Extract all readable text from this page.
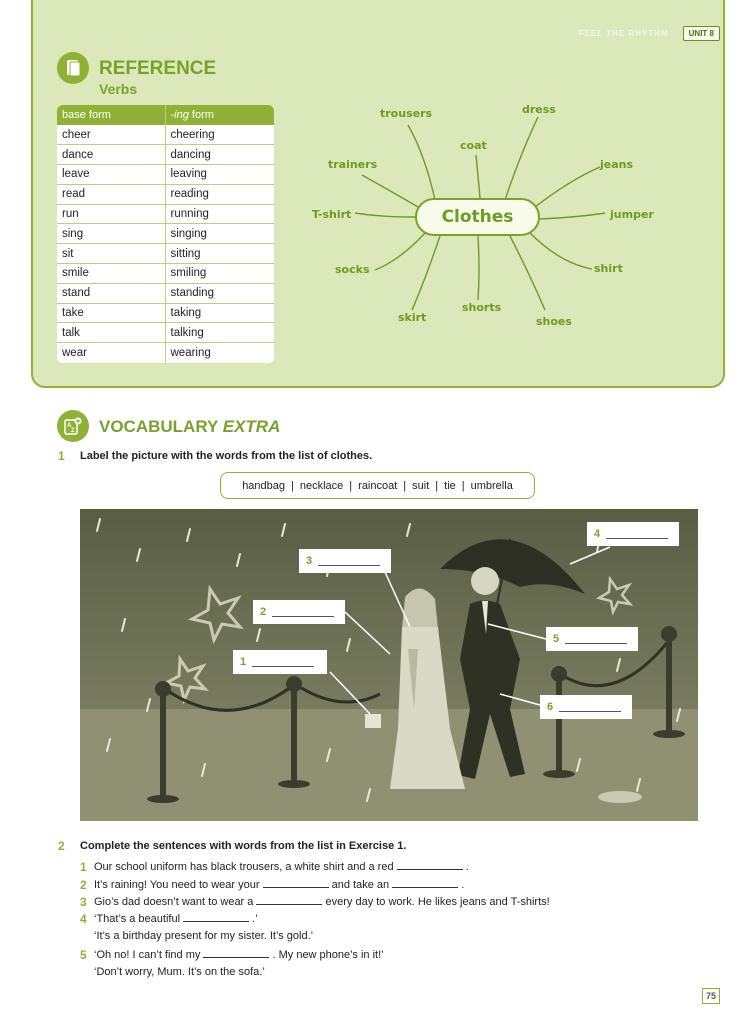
FEEL THE RHYTHM	UNIT 8
REFERENCE
Verbs
base form	-ing form
cheer	cheering
dance	dancing
leave	leaving
read	reading
run	running
sing	singing
sit	sitting
smile	smiling
stand	standing
take	taking
talk	talking
wear	wearing
trousers	dress
coat
trainers	jeans
T-shirt	jumper
socks	shirt
shorts
skirt	shoes
Clothes
A
Z VOCABULARY EXTRA
1 Label the picture with the words from the list of clothes.
handbag | necklace | raincoat | suit | tie | umbrella
1
2
3
4
5
6
2 Complete the sentences with words from the list in Exercise 1.
1 Our school uniform has black trousers, a white shirt and a red	.
2 It’s raining! You need to wear your	and take an	.
3 Gio’s dad doesn’t want to wear a	every day to work. He likes jeans and T-shirts!
4 ‘That’s a beautiful	.’
‘It’s a birthday present for my sister. It’s gold.’
5 ‘Oh no! I can’t find my	. My new phone’s in it!’
‘Don’t worry, Mum. It’s on the sofa.’
75
